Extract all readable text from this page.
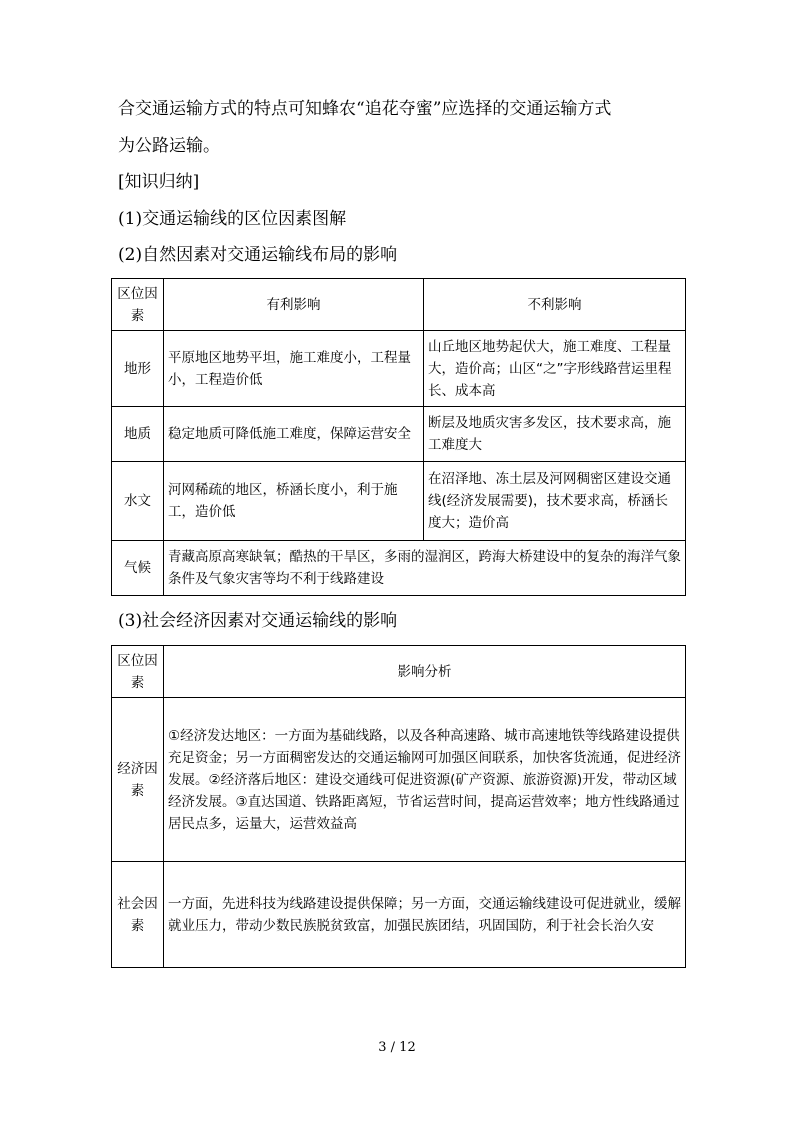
合交通运输方式的特点可知蜂农“追花夺蜜”应选择的交通运输方式

为公路运输。

[知识归纳]

(1)交通运输线的区位因素图解

(2)自然因素对交通运输线布局的影响

区位因素	有利影响	不利影响
地形	平原地区地势平坦，施工难度小，工程量小，工程造价低	山丘地区地势起伏大，施工难度、工程量大，造价高；山区“之”字形线路营运里程长、成本高
地质	稳定地质可降低施工难度，保障运营安全	断层及地质灾害多发区，技术要求高，施工难度大
水文	河网稀疏的地区，桥涵长度小，利于施工，造价低	在沼泽地、冻土层及河网稠密区建设交通线(经济发展需要)，技术要求高，桥涵长度大；造价高
气候	青藏高原高寒缺氧；酷热的干旱区，多雨的湿润区，跨海大桥建设中的复杂的海洋气象条件及气象灾害等均不利于线路建设	

(3)社会经济因素对交通运输线的影响

区位因素	影响分析
经济因素	①经济发达地区：一方面为基础线路，以及各种高速路、城市高速地铁等线路建设提供充足资金；另一方面稠密发达的交通运输网可加强区间联系，加快客货流通，促进经济发展。②经济落后地区：建设交通线可促进资源(矿产资源、旅游资源)开发，带动区域经济发展。③直达国道、铁路距离短，节省运营时间，提高运营效率；地方性线路通过居民点多，运量大，运营效益高
社会因素	一方面，先进科技为线路建设提供保障；另一方面，交通运输线建设可促进就业，缓解就业压力，带动少数民族脱贫致富，加强民族团结，巩固国防，利于社会长治久安
3 / 12
